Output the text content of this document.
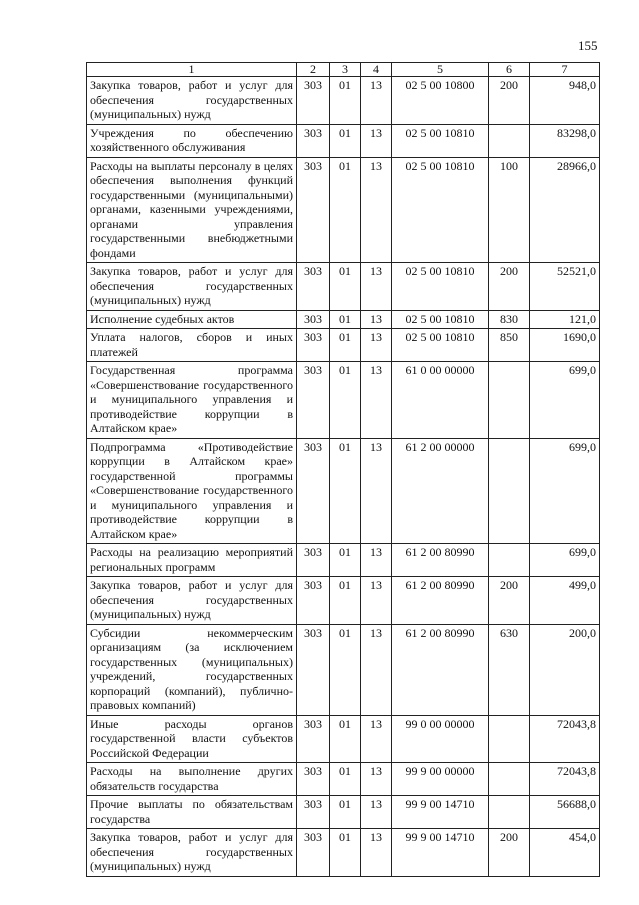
155
1	2	3	4	5	6	7
Закупка товаров, работ и услуг для обеспечения государственных (муниципальных) нужд	303	01	13	02 5 00 10800	200	948,0
Учреждения по обеспечению хозяйственного обслуживания	303	01	13	02 5 00 10810		83298,0
Расходы на выплаты персоналу в целях обеспечения выполнения функций государственными (муниципальными) органами, казенными учреждениями, органами управления государственными внебюджетными фондами	303	01	13	02 5 00 10810	100	28966,0
Закупка товаров, работ и услуг для обеспечения государственных (муниципальных) нужд	303	01	13	02 5 00 10810	200	52521,0
Исполнение судебных актов	303	01	13	02 5 00 10810	830	121,0
Уплата налогов, сборов и иных платежей	303	01	13	02 5 00 10810	850	1690,0
Государственная программа «Совершенствование государственного и муниципального управления и противодействие коррупции в Алтайском крае»	303	01	13	61 0 00 00000		699,0
Подпрограмма «Противодействие коррупции в Алтайском крае» государственной программы «Совершенствование государственного и муниципального управления и противодействие коррупции в Алтайском крае»	303	01	13	61 2 00 00000		699,0
Расходы на реализацию мероприятий региональных программ	303	01	13	61 2 00 80990		699,0
Закупка товаров, работ и услуг для обеспечения государственных (муниципальных) нужд	303	01	13	61 2 00 80990	200	499,0
Субсидии некоммерческим организациям (за исключением государственных (муниципальных) учреждений, государственных корпораций (компаний), публично-правовых компаний)	303	01	13	61 2 00 80990	630	200,0
Иные расходы органов государственной власти субъектов Российской Федерации	303	01	13	99 0 00 00000		72043,8
Расходы на выполнение других обязательств государства	303	01	13	99 9 00 00000		72043,8
Прочие выплаты по обязательствам государства	303	01	13	99 9 00 14710		56688,0
Закупка товаров, работ и услуг для обеспечения государственных (муниципальных) нужд	303	01	13	99 9 00 14710	200	454,0
